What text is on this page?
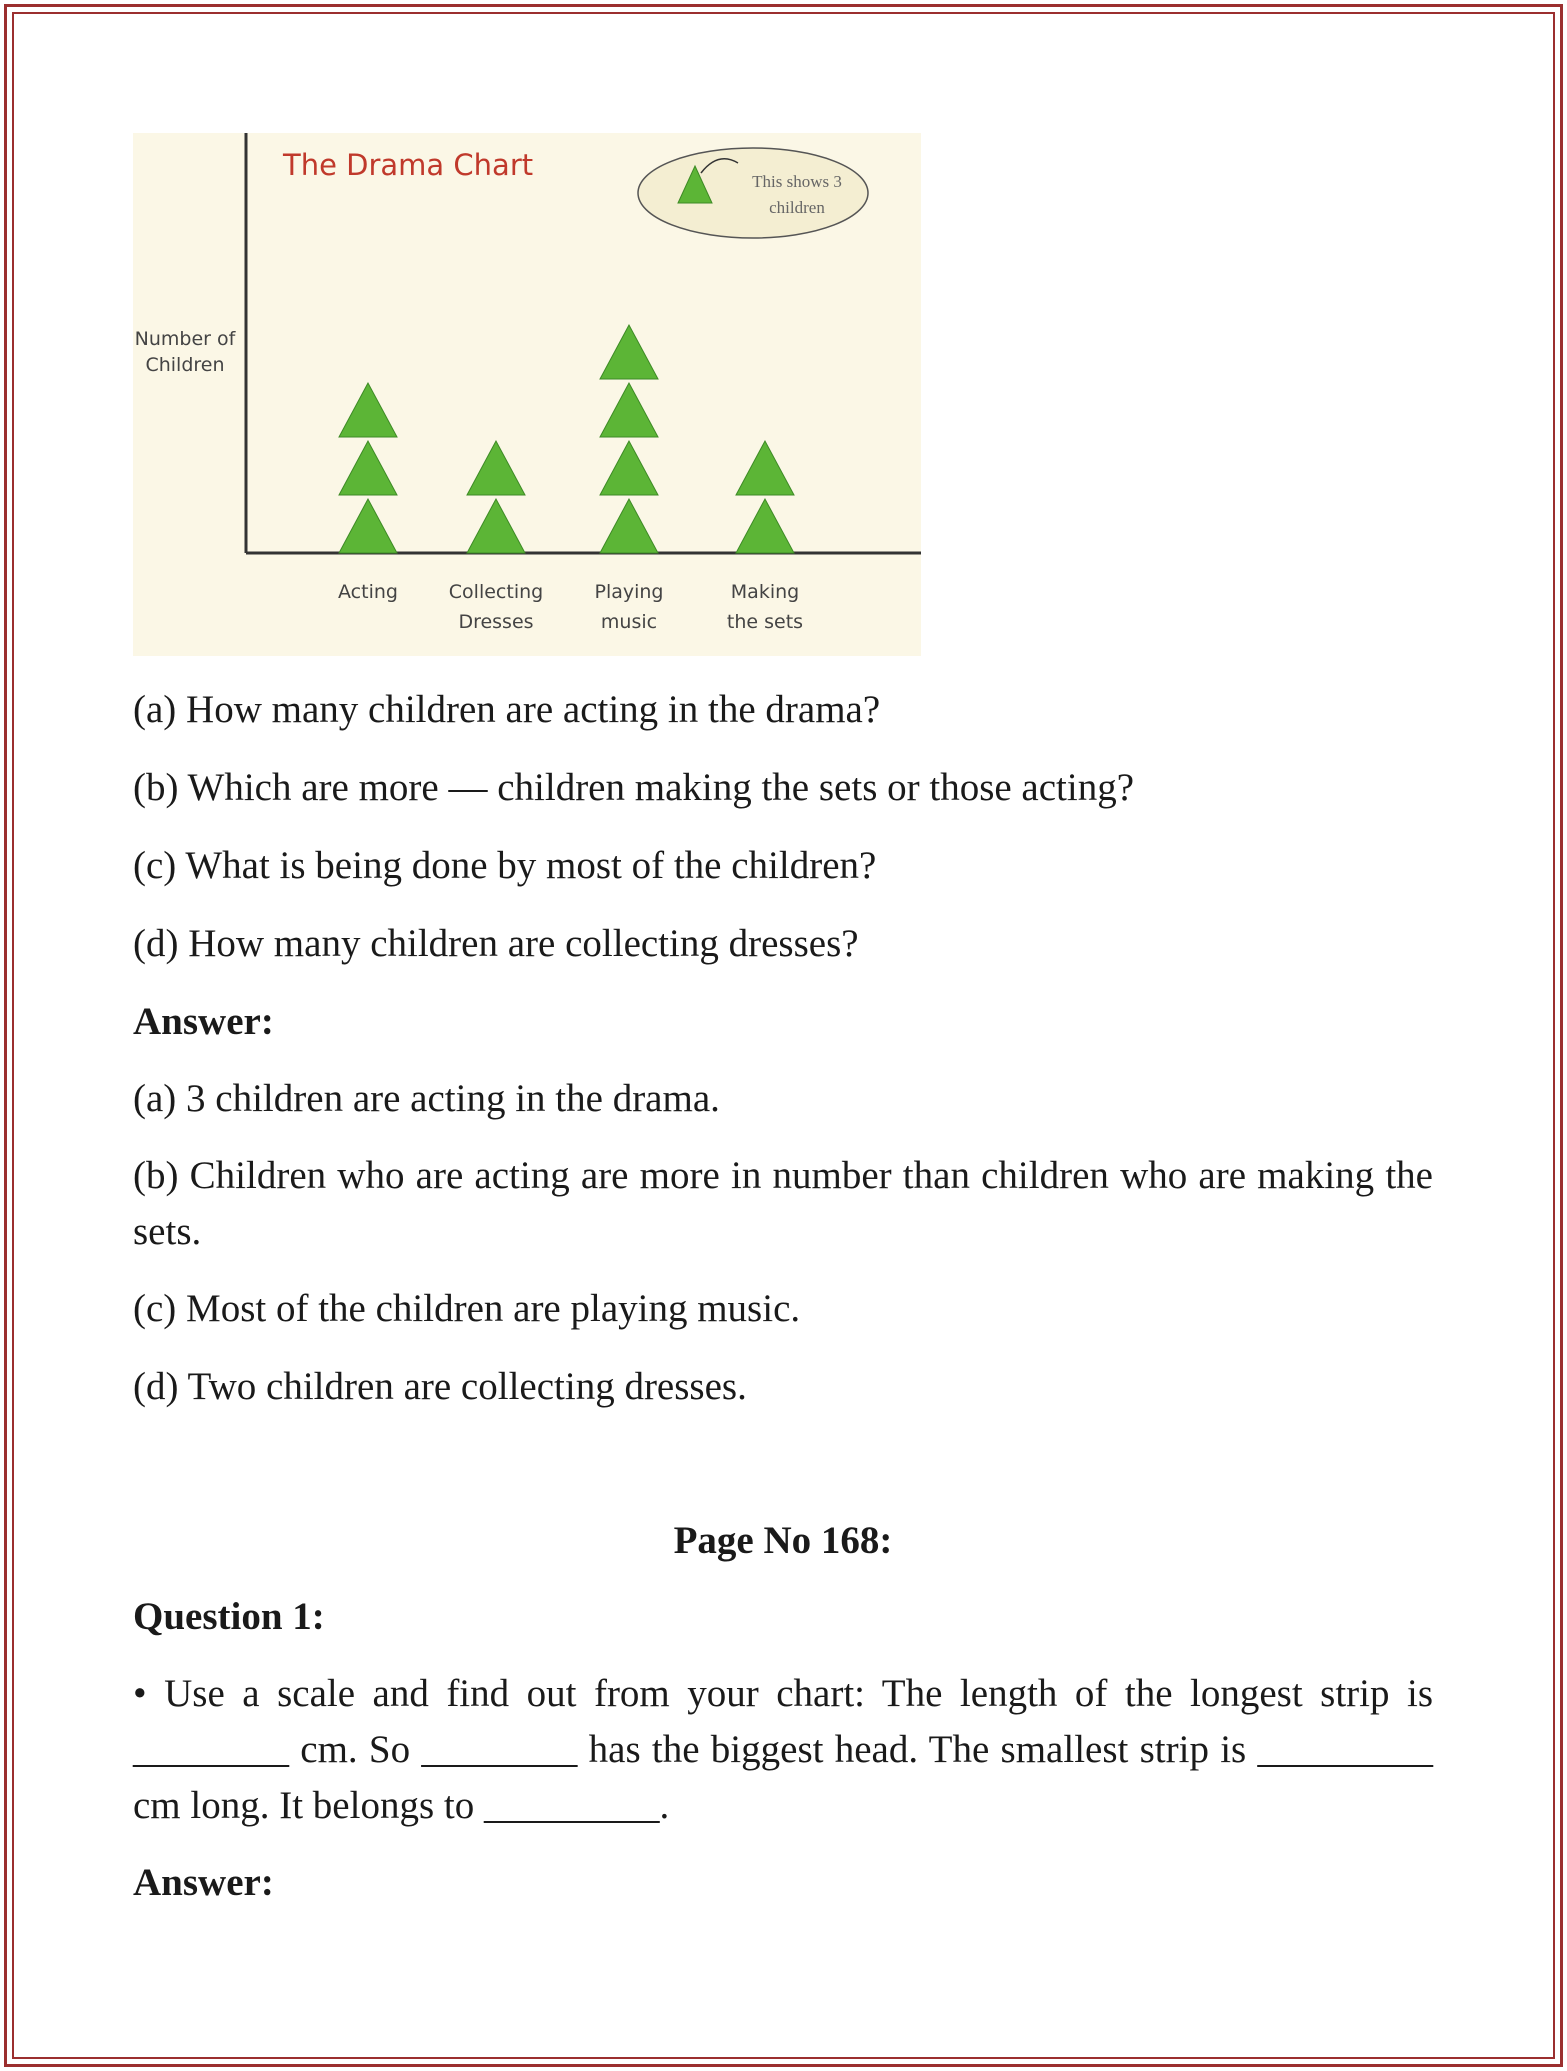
The Drama Chart
Number of
Children
This shows 3
children
Acting	Collecting
Dresses
Playing
music
Making
the sets

(a) How many children are acting in the drama?

(b) Which are more — children making the sets or those acting?

(c) What is being done by most of the children?

(d) How many children are collecting dresses?

Answer:

(a) 3 children are acting in the drama.

(b) Children who are acting are more in number than children who are making the sets.

(c) Most of the children are playing music.

(d) Two children are collecting dresses.

Page No 168:

Question 1:

• Use a scale and find out from your chart: The length of the longest strip is ________ cm. So ________ has the biggest head. The smallest strip is _________ cm long. It belongs to _________.

Answer:
